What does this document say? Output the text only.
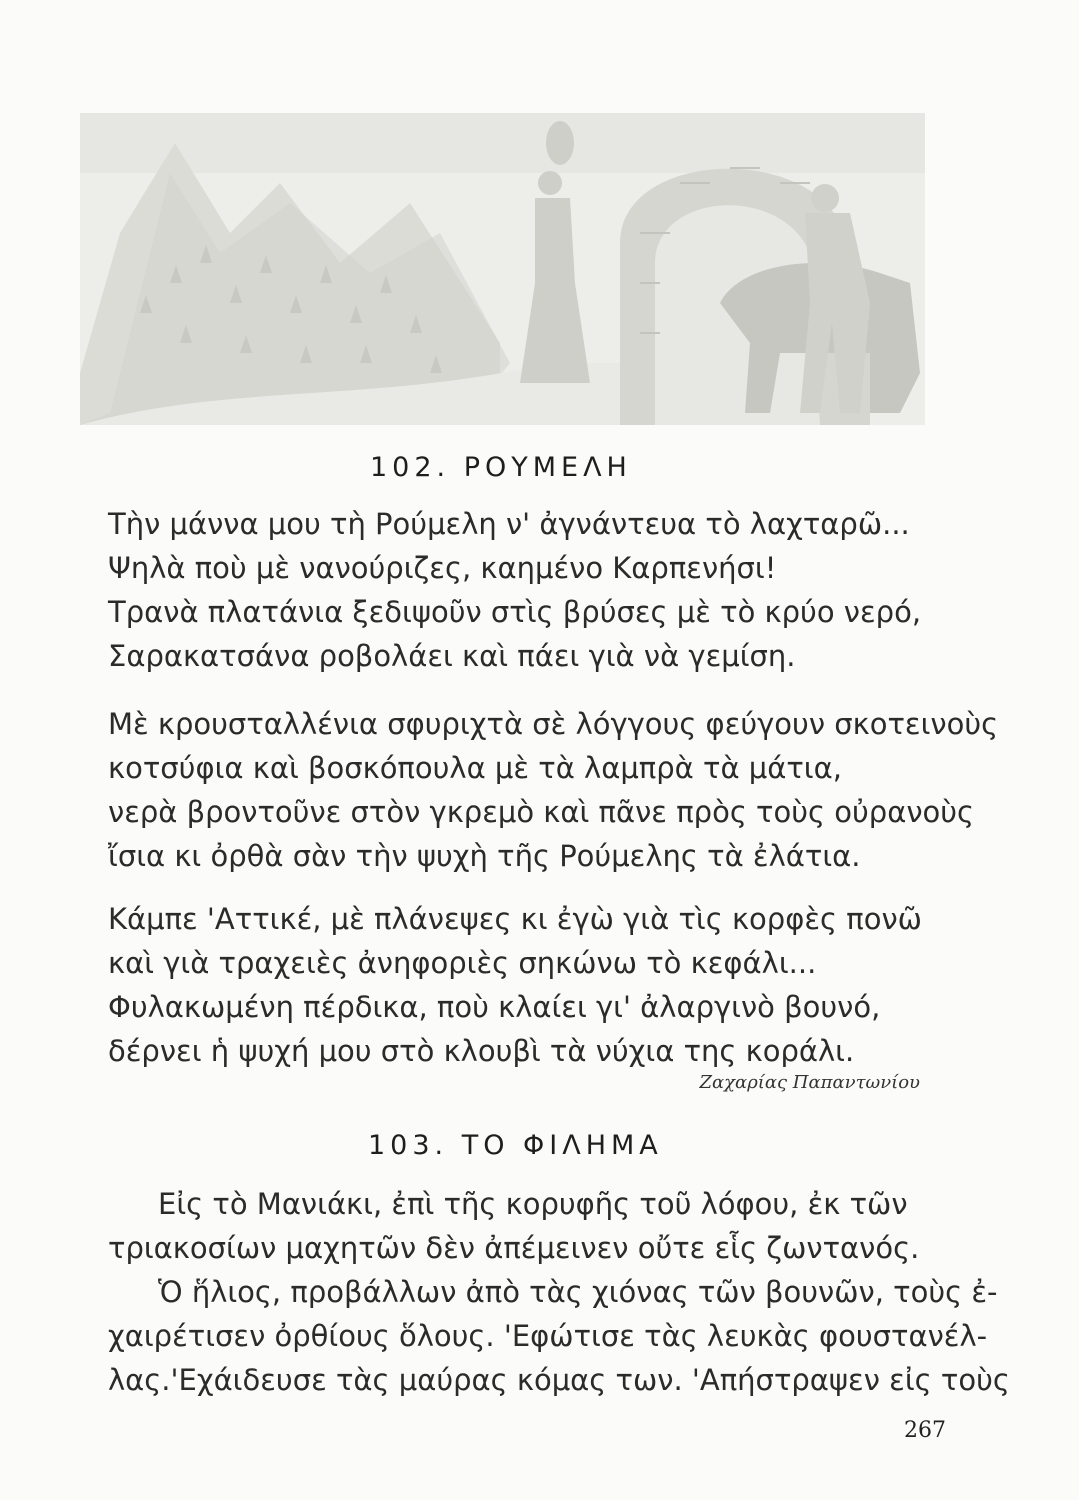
102. ΡΟΥΜΕΛΗ
Τὴν μάννα μου τὴ Ρούμελη ν' ἀγνάντευα τὸ λαχταρῶ...
Ψηλὰ ποὺ μὲ νανούριζες, καημένο Καρπενήσι!
Τρανὰ πλατάνια ξεδιψοῦν στὶς βρύσες μὲ τὸ κρύο νερό,
Σαρακατσάνα ροβολάει καὶ πάει γιὰ νὰ γεμίση.
Μὲ κρουσταλλένια σφυριχτὰ σὲ λόγγους φεύγουν σκοτεινοὺς
κοτσύφια καὶ βοσκόπουλα μὲ τὰ λαμπρὰ τὰ μάτια,
νερὰ βροντοῦνε στὸν γκρεμὸ καὶ πᾶνε πρὸς τοὺς οὐρανοὺς
ἴσια κι ὀρθὰ σὰν τὴν ψυχὴ τῆς Ρούμελης τὰ ἐλάτια.
Κάμπε 'Αττικέ, μὲ πλάνεψες κι ἐγὼ γιὰ τὶς κορφὲς πονῶ
καὶ γιὰ τραχειὲς ἀνηφοριὲς σηκώνω τὸ κεφάλι...
Φυλακωμένη πέρδικα, ποὺ κλαίει γι' ἀλαργινὸ βουνό,
δέρνει ἡ ψυχή μου στὸ κλουβὶ τὰ νύχια της κοράλι.
Ζαχαρίας Παπαντωνίου
103. ΤΟ ΦΙΛΗΜΑ
Εἰς τὸ Μανιάκι, ἐπὶ τῆς κορυφῆς τοῦ λόφου, ἐκ τῶν
τριακοσίων μαχητῶν δὲν ἀπέμεινεν οὔτε εἷς ζωντανός.
Ὁ ἥλιος, προβάλλων ἀπὸ τὰς χιόνας τῶν βουνῶν, τοὺς ἐ-
χαιρέτισεν ὀρθίους ὅλους. 'Εφώτισε τὰς λευκὰς φουστανέλ-
λας.'Εχάιδευσε τὰς μαύρας κόμας των. 'Απήστραψεν εἰς τοὺς
267
